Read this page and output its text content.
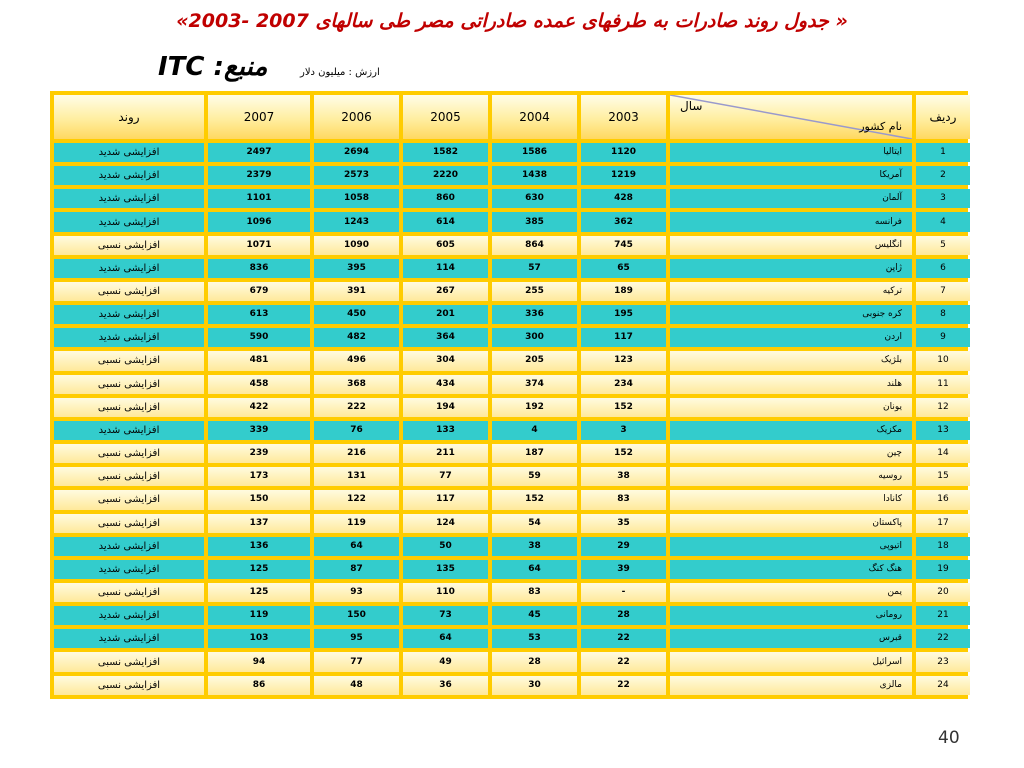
« جدول روند صادرات به طرفهای عمده صادراتی مصر طی سالهای 2007 -2003»
منبع: ITC	ارزش : میلیون دلار
ردیف	سال
نام کشور	2003	2004	2005	2006	2007	روند
1	ایتالیا	1120	1586	1582	2694	2497	افزایشی شدید
2	آمریکا	1219	1438	2220	2573	2379	افزایشی شدید
3	آلمان	428	630	860	1058	1101	افزایشی شدید
4	فرانسه	362	385	614	1243	1096	افزایشی شدید
5	انگلیس	745	864	605	1090	1071	افزایشی نسبی
6	ژاپن	65	57	114	395	836	افزایشی شدید
7	ترکیه	189	255	267	391	679	افزایشی نسبی
8	کره جنوبی	195	336	201	450	613	افزایشی شدید
9	اردن	117	300	364	482	590	افزایشی شدید
10	بلژیک	123	205	304	496	481	افزایشی نسبی
11	هلند	234	374	434	368	458	افزایشی نسبی
12	یونان	152	192	194	222	422	افزایشی نسبی
13	مکزیک	3	4	133	76	339	افزایشی شدید
14	چین	152	187	211	216	239	افزایشی نسبی
15	روسیه	38	59	77	131	173	افزایشی نسبی
16	کانادا	83	152	117	122	150	افزایشی نسبی
17	پاکستان	35	54	124	119	137	افزایشی نسبی
18	اتیوپی	29	38	50	64	136	افزایشی شدید
19	هنگ کنگ	39	64	135	87	125	افزایشی شدید
20	یمن	-	83	110	93	125	افزایشی نسبی
21	رومانی	28	45	73	150	119	افزایشی شدید
22	قبرس	22	53	64	95	103	افزایشی شدید
23	اسرائیل	22	28	49	77	94	افزایشی نسبی
24	مالزی	22	30	36	48	86	افزایشی نسبی
40
